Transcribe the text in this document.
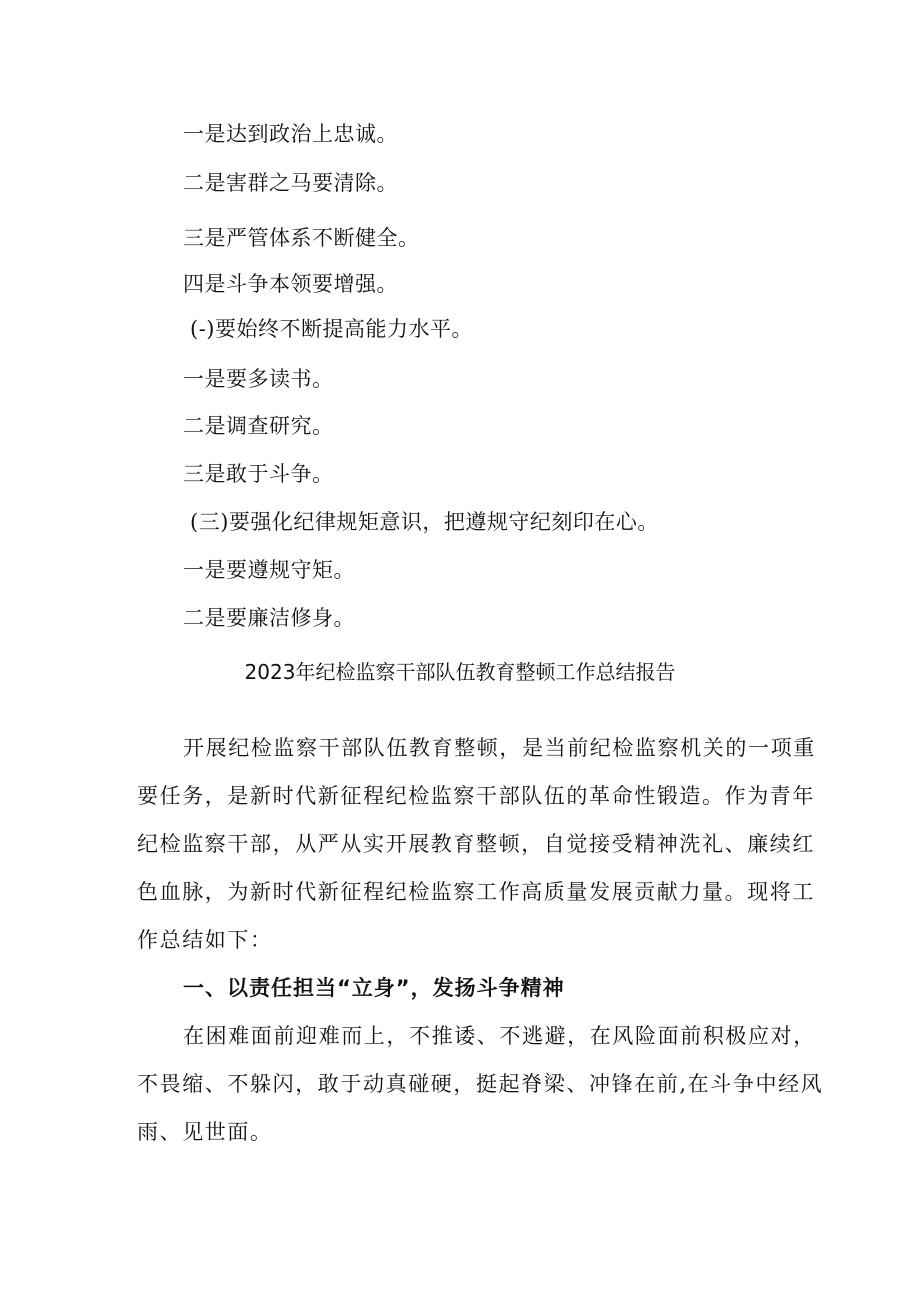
一是达到政治上忠诚。
二是害群之马要清除。
三是严管体系不断健全。
四是斗争本领要增强。
(-)要始终不断提高能力水平。
一是要多读书。
二是调查研究。
三是敢于斗争。
(三)要强化纪律规矩意识，把遵规守纪刻印在心。
一是要遵规守矩。
二是要廉洁修身。
2023年纪检监察干部队伍教育整顿工作总结报告
开展纪检监察干部队伍教育整顿，是当前纪检监察机关的一项重
要任务，是新时代新征程纪检监察干部队伍的革命性锻造。作为青年
纪检监察干部，从严从实开展教育整顿，自觉接受精神洗礼、廉续红
色血脉，为新时代新征程纪检监察工作高质量发展贡献力量。现将工
作总结如下：
一、以责任担当“立身”，发扬斗争精神
在困难面前迎难而上，不推诿、不逃避，在风险面前积极应对，
不畏缩、不躲闪，敢于动真碰硬，挺起脊梁、冲锋在前,在斗争中经风
雨、见世面。
